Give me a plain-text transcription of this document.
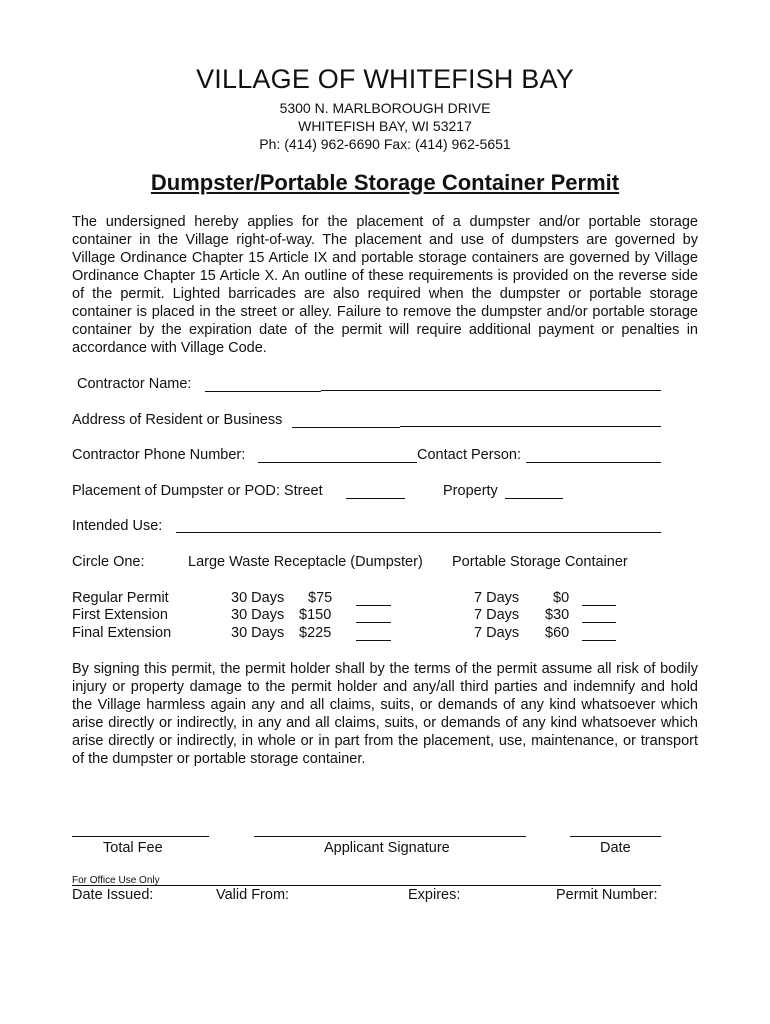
VILLAGE OF WHITEFISH BAY
5300 N. MARLBOROUGH DRIVE
WHITEFISH BAY, WI 53217
Ph: (414) 962-6690 Fax: (414) 962-5651
Dumpster/Portable Storage Container Permit
The undersigned hereby applies for the placement of a dumpster and/or portable storage container in the Village right-of-way. The placement and use of dumpsters are governed by Village Ordinance Chapter 15 Article IX and portable storage containers are governed by Village Ordinance Chapter 15 Article X. An outline of these requirements is provided on the reverse side of the permit. Lighted barricades are also required when the dumpster or portable storage container is placed in the street or alley. Failure to remove the dumpster and/or portable storage container by the expiration date of the permit will require additional payment or penalties in accordance with Village Code.
Contractor Name:
Address of Resident or Business
Contractor Phone Number:	Contact Person:
Placement of Dumpster or POD: Street	Property
Intended Use:
Circle One:	Large Waste Receptacle (Dumpster) Portable Storage Container
Regular Permit	30 Days $75	7 Days $0
First Extension	30 Days $150	7 Days $30
Final Extension	30 Days $225	7 Days $60
By signing this permit, the permit holder shall by the terms of the permit assume all risk of bodily injury or property damage to the permit holder and any/all third parties and indemnify and hold the Village harmless again any and all claims, suits, or demands of any kind whatsoever which arise directly or indirectly, in any and all claims, suits, or demands of any kind whatsoever which arise directly or indirectly, in whole or in part from the placement, use, maintenance, or transport of the dumpster or portable storage container.
Total Fee	Applicant Signature	Date
For Office Use Only
Date Issued:	Valid From:	Expires:	Permit Number:
